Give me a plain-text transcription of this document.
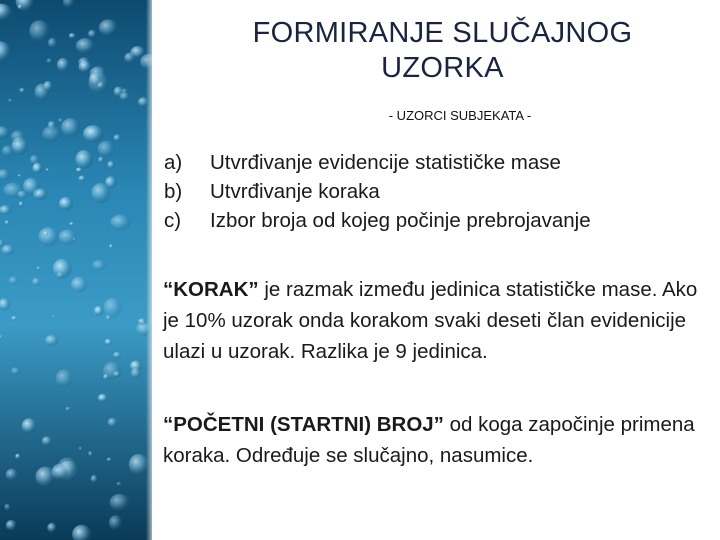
FORMIRANJE SLUČAJNOG
UZORKA
- UZORCI SUBJEKATA -
a)	Utvrđivanje evidencije statističke mase
b)	Utvrđivanje koraka
c)	Izbor broja od kojeg počinje prebrojavanje

“KORAK” je razmak između jedinica statističke mase. Ako je 10% uzorak onda korakom svaki deseti član evidenicije ulazi u uzorak. Razlika je 9 jedinica.

“POČETNI (STARTNI) BROJ” od koga započinje primena koraka. Određuje se slučajno, nasumice.
